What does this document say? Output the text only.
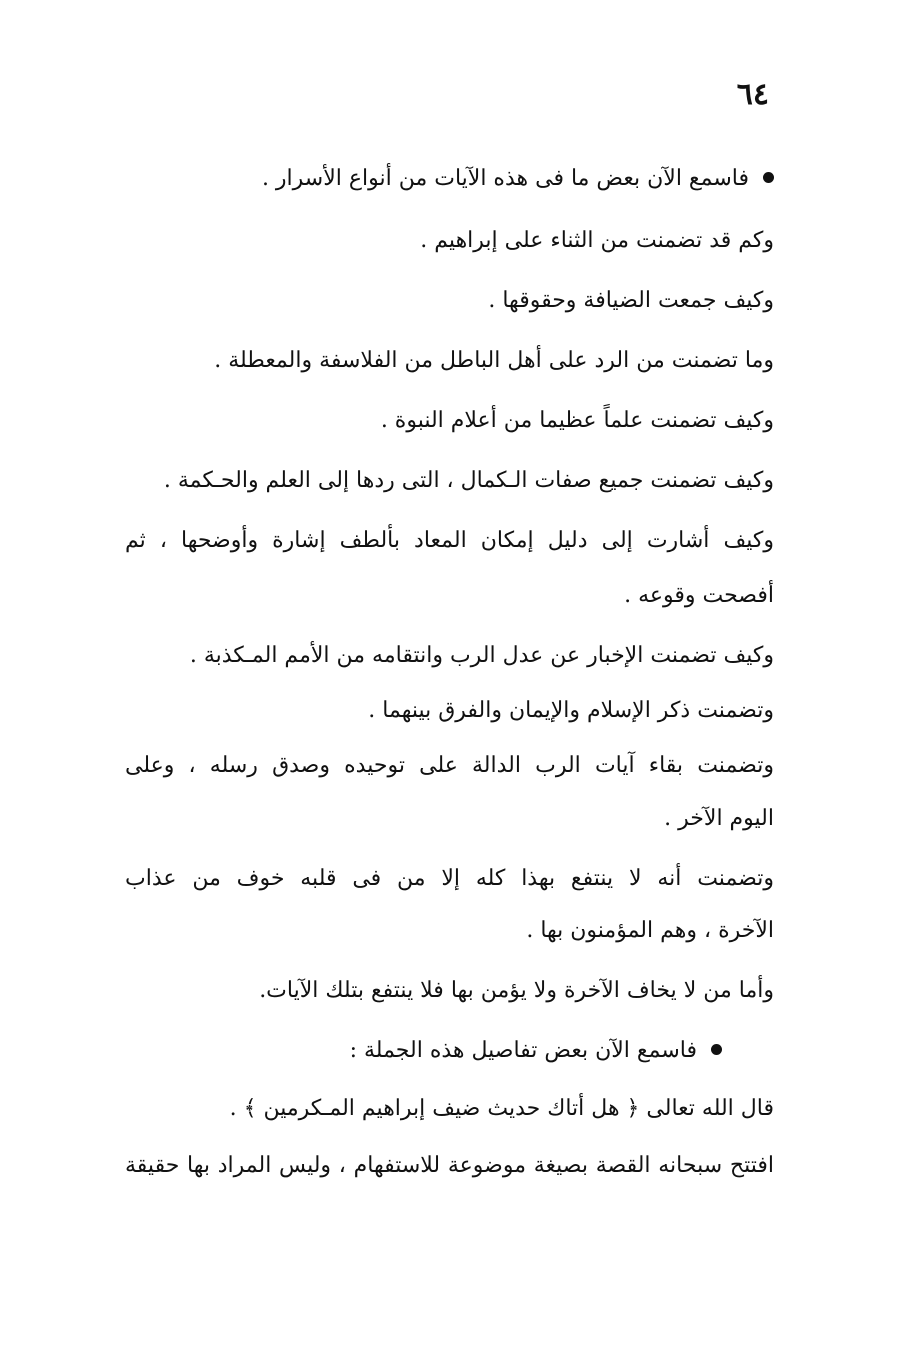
٦٤
فاسمع الآن بعض ما فى هذه الآيات من أنواع الأسرار .
وكم قد تضمنت من الثناء على إبراهيم .
وكيف جمعت الضيافة وحقوقها .
وما تضمنت من الرد على أهل الباطل من الفلاسفة والمعطلة .
وكيف تضمنت علماً عظيما من أعلام النبوة .
وكيف تضمنت جميع صفات الـكمال ، التى ردها إلى العلم والحـكمة .
وكيف أشارت إلى دليل إمكان المعاد بألطف إشارة وأوضحها ، ثم
أفصحت وقوعه .
وكيف تضمنت الإخبار عن عدل الرب وانتقامه من الأمم المـكذبة .
وتضمنت ذكر الإسلام والإيمان والفرق بينهما .
وتضمنت بقاء آيات الرب الدالة على توحيده وصدق رسله ، وعلى
اليوم الآخر .
وتضمنت أنه لا ينتفع بهذا كله إلا من فى قلبه خوف من عذاب
الآخرة ، وهم المؤمنون بها .
وأما من لا يخاف الآخرة ولا يؤمن بها فلا ينتفع بتلك الآيات.
فاسمع الآن بعض تفاصيل هذه الجملة :
قال الله تعالى ﴿ هل أتاك حديث ضيف إبراهيم المـكرمين ﴾ .
افتتح سبحانه القصة بصيغة موضوعة للاستفهام ، وليس المراد بها حقيقة
